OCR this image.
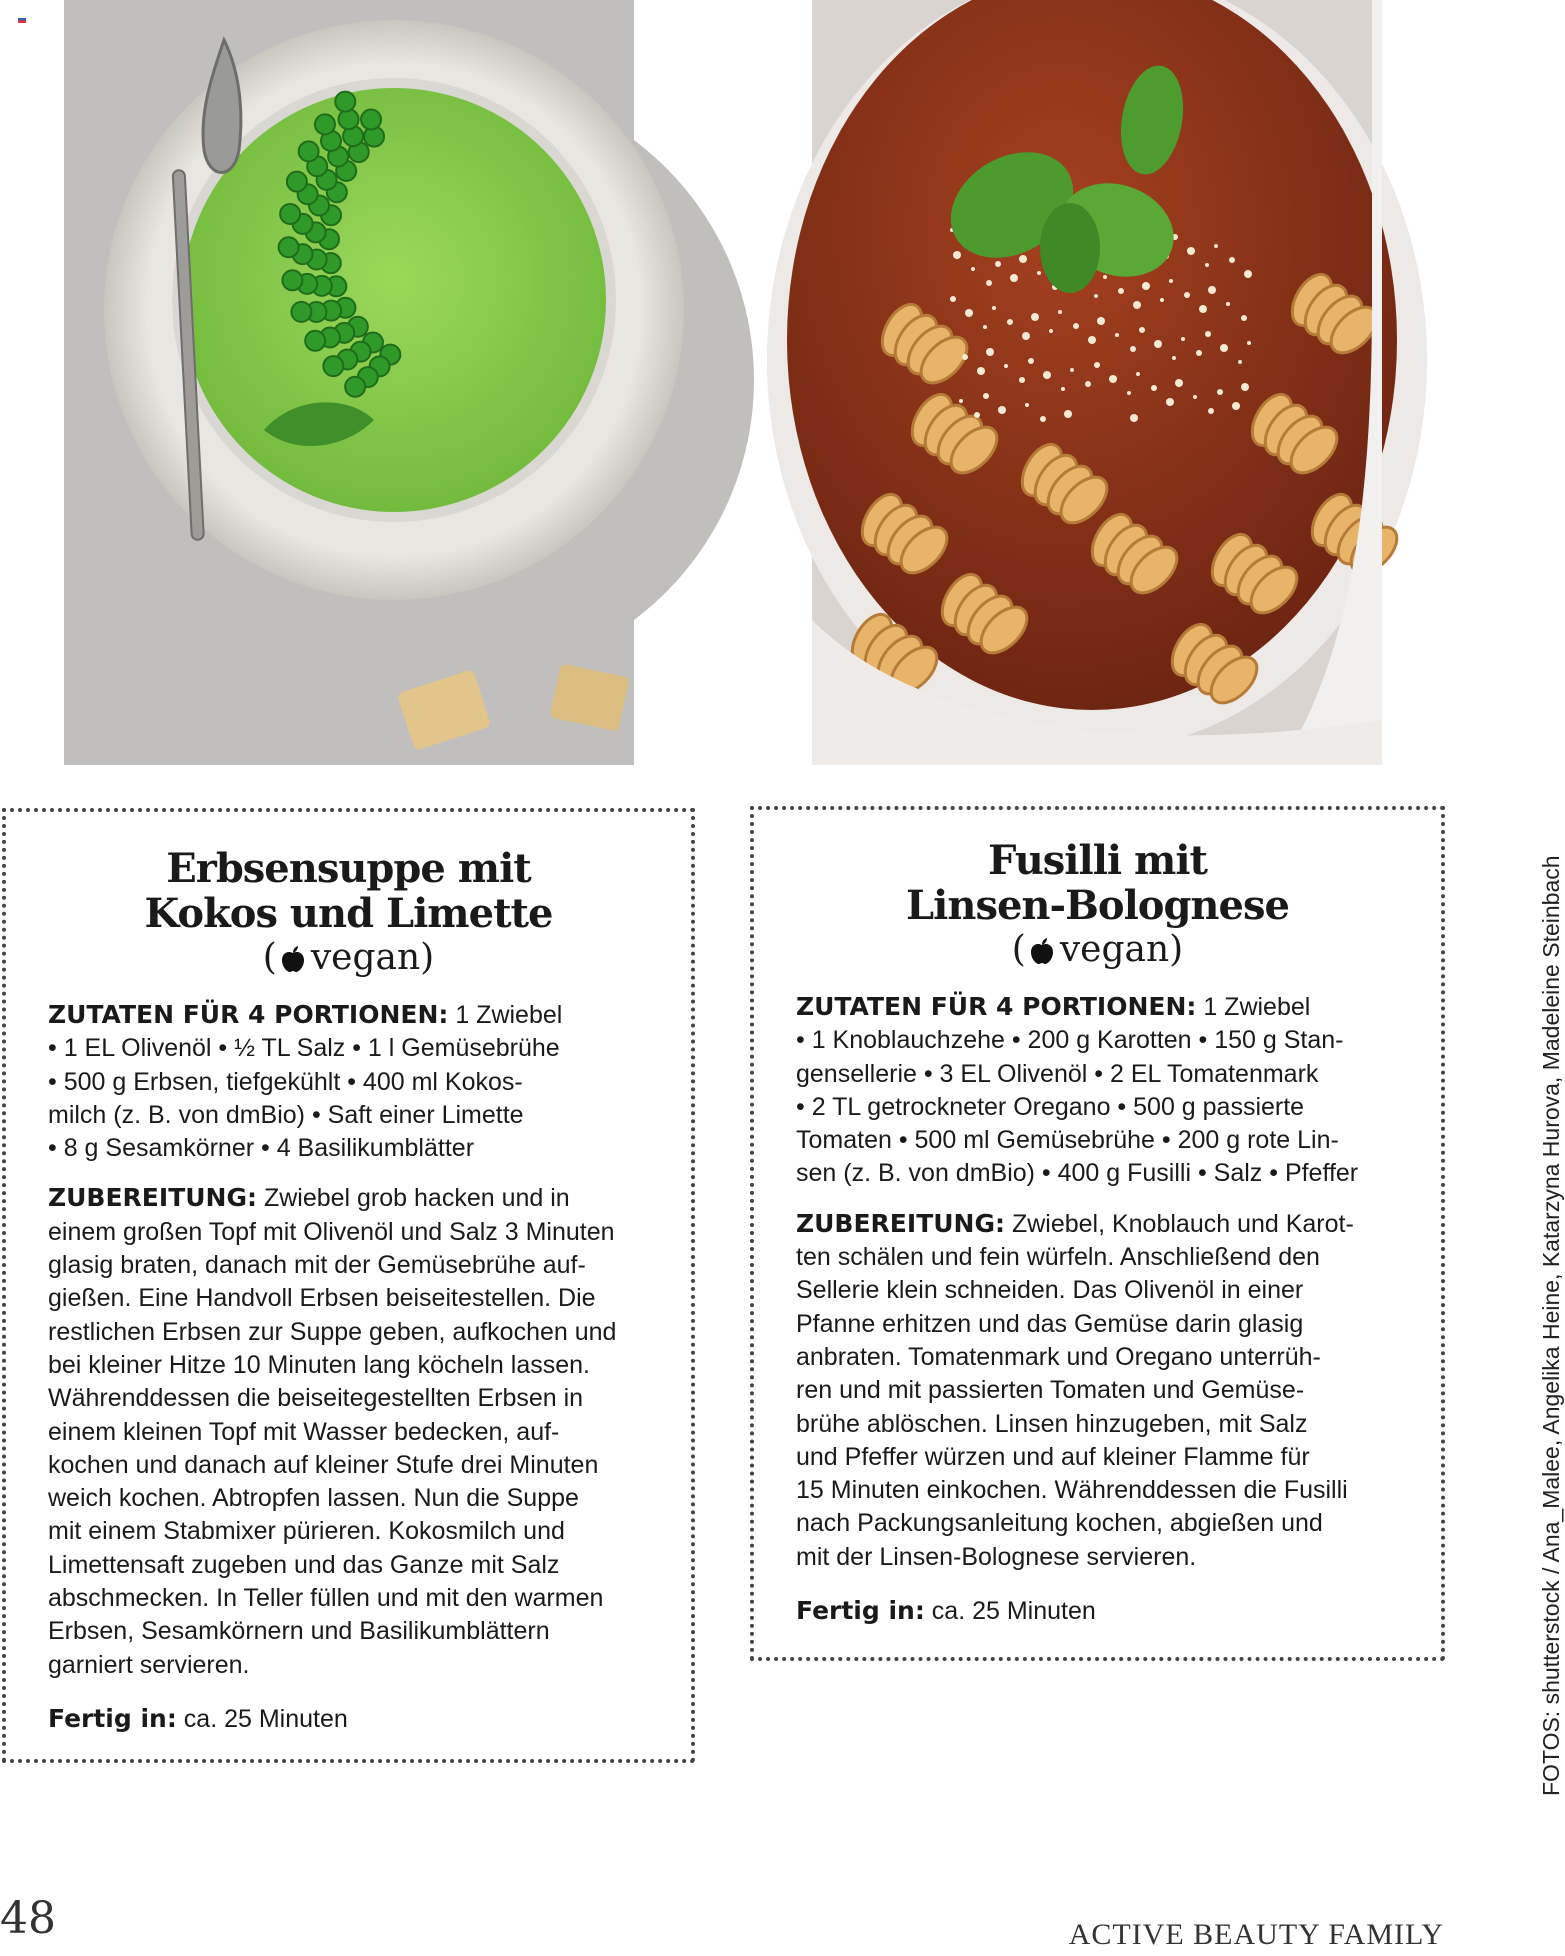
Erbsensuppe mit
Kokos und Limette
( vegan)
ZUTATEN FÜR 4 PORTIONEN: 1 Zwiebel
• 1 EL Olivenöl • ½ TL Salz • 1 l Gemüsebrühe
• 500 g Erbsen, tiefgekühlt • 400 ml Kokos-
milch (z. B. von dmBio) • Saft einer Limette
• 8 g Sesamkörner • 4 Basilikumblätter
ZUBEREITUNG: Zwiebel grob hacken und in
einem großen Topf mit Olivenöl und Salz 3 Minuten
glasig braten, danach mit der Gemüsebrühe auf-
gießen. Eine Handvoll Erbsen beiseitestellen. Die
restlichen Erbsen zur Suppe geben, aufkochen und
bei kleiner Hitze 10 Minuten lang köcheln lassen.
Währenddessen die beiseitegestellten Erbsen in
einem kleinen Topf mit Wasser bedecken, auf-
kochen und danach auf kleiner Stufe drei Minuten
weich kochen. Abtropfen lassen. Nun die Suppe
mit einem Stabmixer pürieren. Kokosmilch und
Limettensaft zugeben und das Ganze mit Salz
abschmecken. In Teller füllen und mit den warmen
Erbsen, Sesamkörnern und Basilikumblättern
garniert servieren.
Fertig in: ca. 25 Minuten
Fusilli mit
Linsen-Bolognese
( vegan)
ZUTATEN FÜR 4 PORTIONEN: 1 Zwiebel
• 1 Knoblauchzehe • 200 g Karotten • 150 g Stan-
gensellerie • 3 EL Olivenöl • 2 EL Tomatenmark
• 2 TL getrockneter Oregano • 500 g passierte
Tomaten • 500 ml Gemüsebrühe • 200 g rote Lin-
sen (z. B. von dmBio) • 400 g Fusilli • Salz • Pfeffer
ZUBEREITUNG: Zwiebel, Knoblauch und Karot-
ten schälen und fein würfeln. Anschließend den
Sellerie klein schneiden. Das Olivenöl in einer
Pfanne erhitzen und das Gemüse darin glasig
anbraten. Tomatenmark und Oregano unterrüh-
ren und mit passierten Tomaten und Gemüse-
brühe ablöschen. Linsen hinzugeben, mit Salz
und Pfeffer würzen und auf kleiner Flamme für
15 Minuten einkochen. Währenddessen die Fusilli
nach Packungsanleitung kochen, abgießen und
mit der Linsen-Bolognese servieren.
Fertig in: ca. 25 Minuten	FOTOS: shutterstock / Ana_Malee, Angelika Heine, Katarzyna Hurova, Madeleine Steinbach
48	ACTIVE BEAUTY FAMILY
